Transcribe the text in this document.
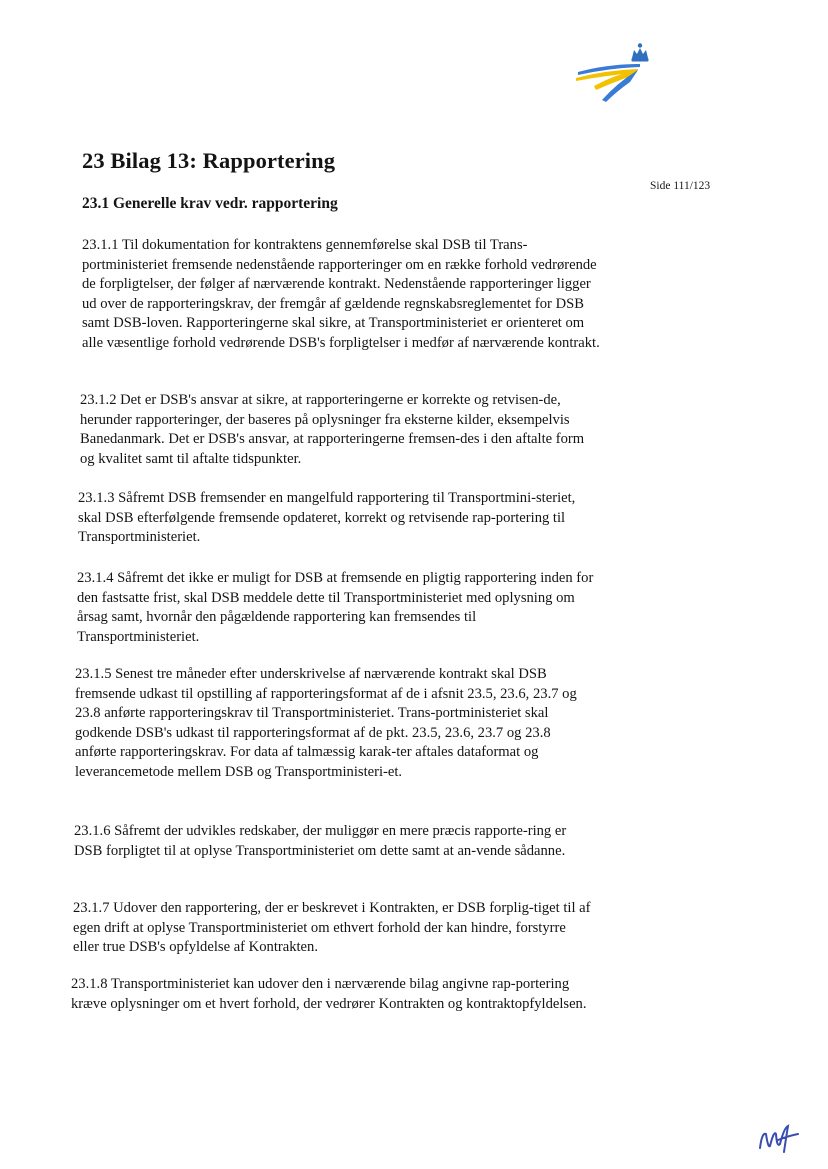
Side 111/123
23 Bilag 13: Rapportering
23.1 Generelle krav vedr. rapportering

23.1.1 Til dokumentation for kontraktens gennemførelse skal DSB til Trans-portministeriet fremsende nedenstående rapporteringer om en række forhold vedrørende de forpligtelser, der følger af nærværende kontrakt. Nedenstående rapporteringer ligger ud over de rapporteringskrav, der fremgår af gældende regnskabsreglementet for DSB samt DSB-loven. Rapporteringerne skal sikre, at Transportministeriet er orienteret om alle væsentlige forhold vedrørende DSB's forpligtelser i medfør af nærværende kontrakt.

23.1.2 Det er DSB's ansvar at sikre, at rapporteringerne er korrekte og retvisen-de, herunder rapporteringer, der baseres på oplysninger fra eksterne kilder, eksempelvis Banedanmark. Det er DSB's ansvar, at rapporteringerne fremsen-des i den aftalte form og kvalitet samt til aftalte tidspunkter.

23.1.3 Såfremt DSB fremsender en mangelfuld rapportering til Transportmini-steriet, skal DSB efterfølgende fremsende opdateret, korrekt og retvisende rap-portering til Transportministeriet.

23.1.4 Såfremt det ikke er muligt for DSB at fremsende en pligtig rapportering inden for den fastsatte frist, skal DSB meddele dette til Transportministeriet med oplysning om årsag samt, hvornår den pågældende rapportering kan fremsendes til Transportministeriet.

23.1.5 Senest tre måneder efter underskrivelse af nærværende kontrakt skal DSB fremsende udkast til opstilling af rapporteringsformat af de i afsnit 23.5, 23.6, 23.7 og 23.8 anførte rapporteringskrav til Transportministeriet. Trans-portministeriet skal godkende DSB's udkast til rapporteringsformat af de pkt. 23.5, 23.6, 23.7 og 23.8 anførte rapporteringskrav. For data af talmæssig karak-ter aftales dataformat og leverancemetode mellem DSB og Transportministeri-et.

23.1.6 Såfremt der udvikles redskaber, der muliggør en mere præcis rapporte-ring er DSB forpligtet til at oplyse Transportministeriet om dette samt at an-vende sådanne.

23.1.7 Udover den rapportering, der er beskrevet i Kontrakten, er DSB forplig-tiget til af egen drift at oplyse Transportministeriet om ethvert forhold der kan hindre, forstyrre eller true DSB's opfyldelse af Kontrakten.

23.1.8 Transportministeriet kan udover den i nærværende bilag angivne rap-portering kræve oplysninger om et hvert forhold, der vedrører Kontrakten og kontraktopfyldelsen.
